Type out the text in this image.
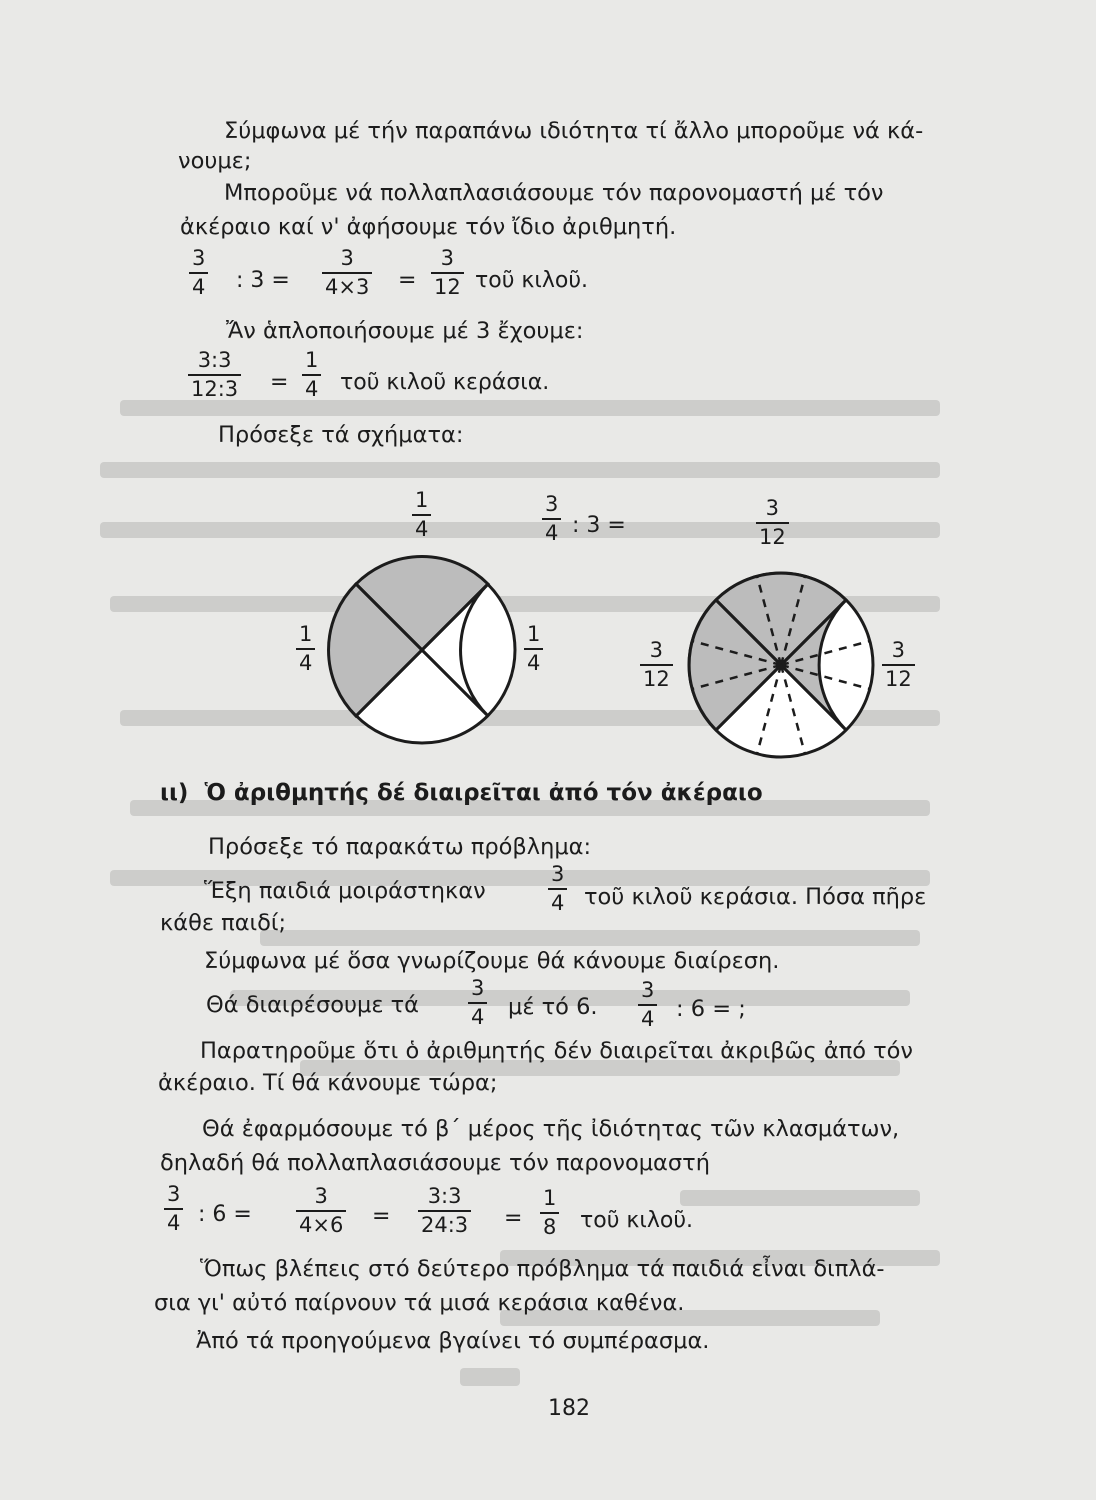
Σύμφωνα μέ τήν παραπάνω ιδιότητα τί ἄλλο μποροῦμε νά κά-
νουμε;
Μποροῦμε νά πολλαπλασιάσουμε τόν παρονομαστή μέ τόν
ἀκέραιο καί ν' ἀφήσουμε τόν ἴδιο ἀριθμητή.
$\frac{3}{4}$ : $3 = \frac{3}{4\times 3} = \frac{3}{12}$ τοῦ κιλοῦ.
Ἄν ἁπλοποιήσουμε μέ 3 ἔχουμε:
$\frac{3:3}{12:3} = \frac{1}{4}$ τοῦ κιλοῦ κεράσια.
Πρόσεξε τά σχήματα:
$\frac{1}{4}$
$\frac{1}{4}$	$\frac{1}{4}$
$\frac{3}{4}$ : 3 =	$\frac{3}{12}$
$\frac{3}{12}$	$\frac{3}{12}$
ιι) Ὁ ἀριθμητής δέ διαιρεῖται ἀπό τόν ἀκέραιο
Πρόσεξε τό παρακάτω πρόβλημα:
Ἕξη παιδιά μοιράστηκαν	$\frac{3}{4}$ τοῦ κιλοῦ κεράσια. Πόσα πῆρε
κάθε παιδί;
Σύμφωνα μέ ὅσα γνωρίζουμε θά κάνουμε διαίρεση.
Θά διαιρέσουμε τά $\frac{3}{4}$ μέ τό 6. $\frac{3}{4}$ : 6 = ;
Παρατηροῦμε ὅτι ὁ ἀριθμητής δέν διαιρεῖται ἀκριβῶς ἀπό τόν
ἀκέραιο. Τί θά κάνουμε τώρα;
Θά ἐφαρμόσουμε τό β΄ μέρος τῆς ἰδιότητας τῶν κλασμάτων,
δηλαδή θά πολλαπλασιάσουμε τόν παρονομαστή
$\frac{3}{4}$ : $6 = \frac{3}{4\times 6} = \frac{3:3}{24:3} = \frac{1}{8}$ τοῦ κιλοῦ.
Ὅπως βλέπεις στό δεύτερο πρόβλημα τά παιδιά εἶναι διπλά-
σια γι' αὐτό παίρνουν τά μισά κεράσια καθένα.
Ἀπό τά προηγούμενα βγαίνει τό συμπέρασμα.
182
